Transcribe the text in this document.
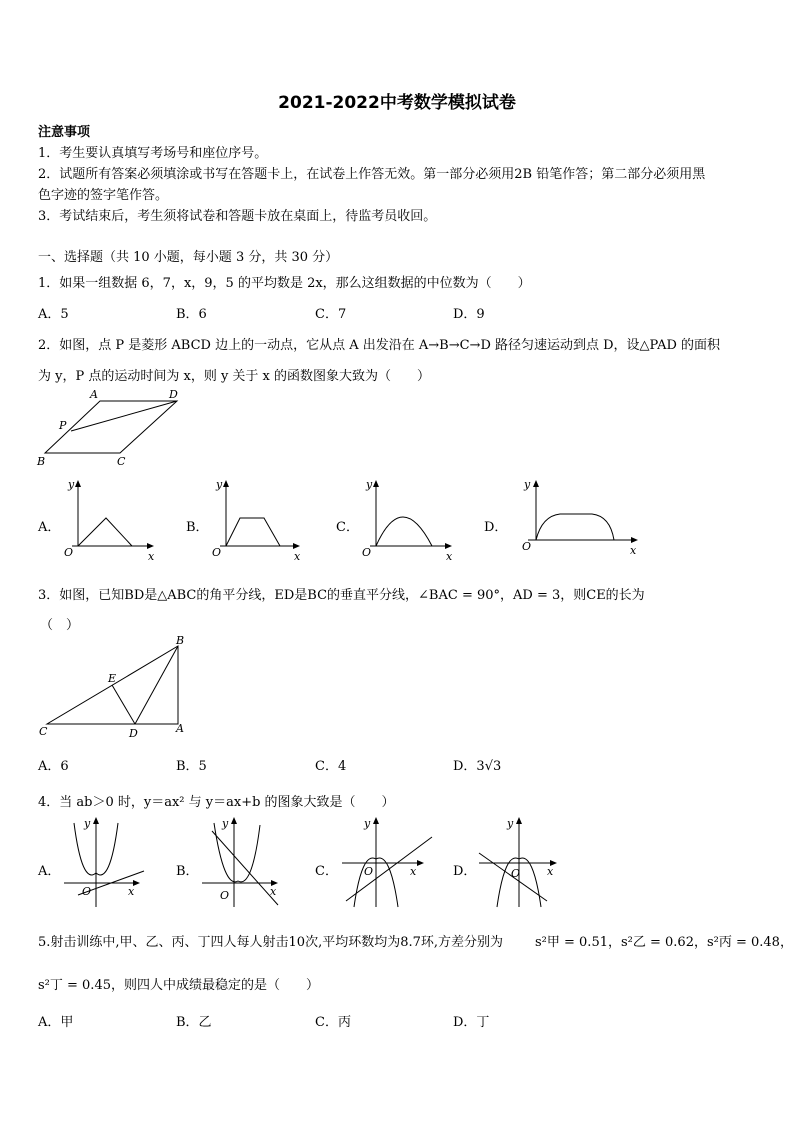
2021-2022中考数学模拟试卷
注意事项
1．考生要认真填写考场号和座位序号。
2．试题所有答案必须填涂或书写在答题卡上，在试卷上作答无效。第一部分必须用2B 铅笔作答；第二部分必须用黑
色字迹的签字笔作答。
3．考试结束后，考生须将试卷和答题卡放在桌面上，待监考员收回。
一、选择题（共 10 小题，每小题 3 分，共 30 分）
1．如果一组数据 6，7，x，9，5 的平均数是 2x，那么这组数据的中位数为（　　）
A．5	B．6	C．7	D．9
2．如图，点 P 是菱形 ABCD 边上的一动点，它从点 A 出发沿在 A→B→C→D 路径匀速运动到点 D，设△PAD 的面积
为 y，P 点的运动时间为 x，则 y 关于 x 的函数图象大致为（　　）
A	D
P
B	C
A．
y
O	x
B．
y
O	x
C．
y
O	x
D．
y
O	x
3．如图，已知BD是△ABC的角平分线，ED是BC的垂直平分线，∠BAC = 90°，AD = 3，则CE的长为
（　）
B
E
C	D	A
A．6	B．5	C．4	D．3√3
4．当 ab＞0 时，y＝ax² 与 y＝ax+b 的图象大致是（　　）
A．
y
O	x
B．
y
O	x
C．
y
O	x	D．
y
O x
5.射击训练中,甲、乙、丙、丁四人每人射击10次,平均环数均为8.7环,方差分别为 s²甲 = 0.51，s²乙 = 0.62，s²丙 = 0.48，
s²丁 = 0.45，则四人中成绩最稳定的是（　　）
A．甲	B．乙	C．丙	D．丁
